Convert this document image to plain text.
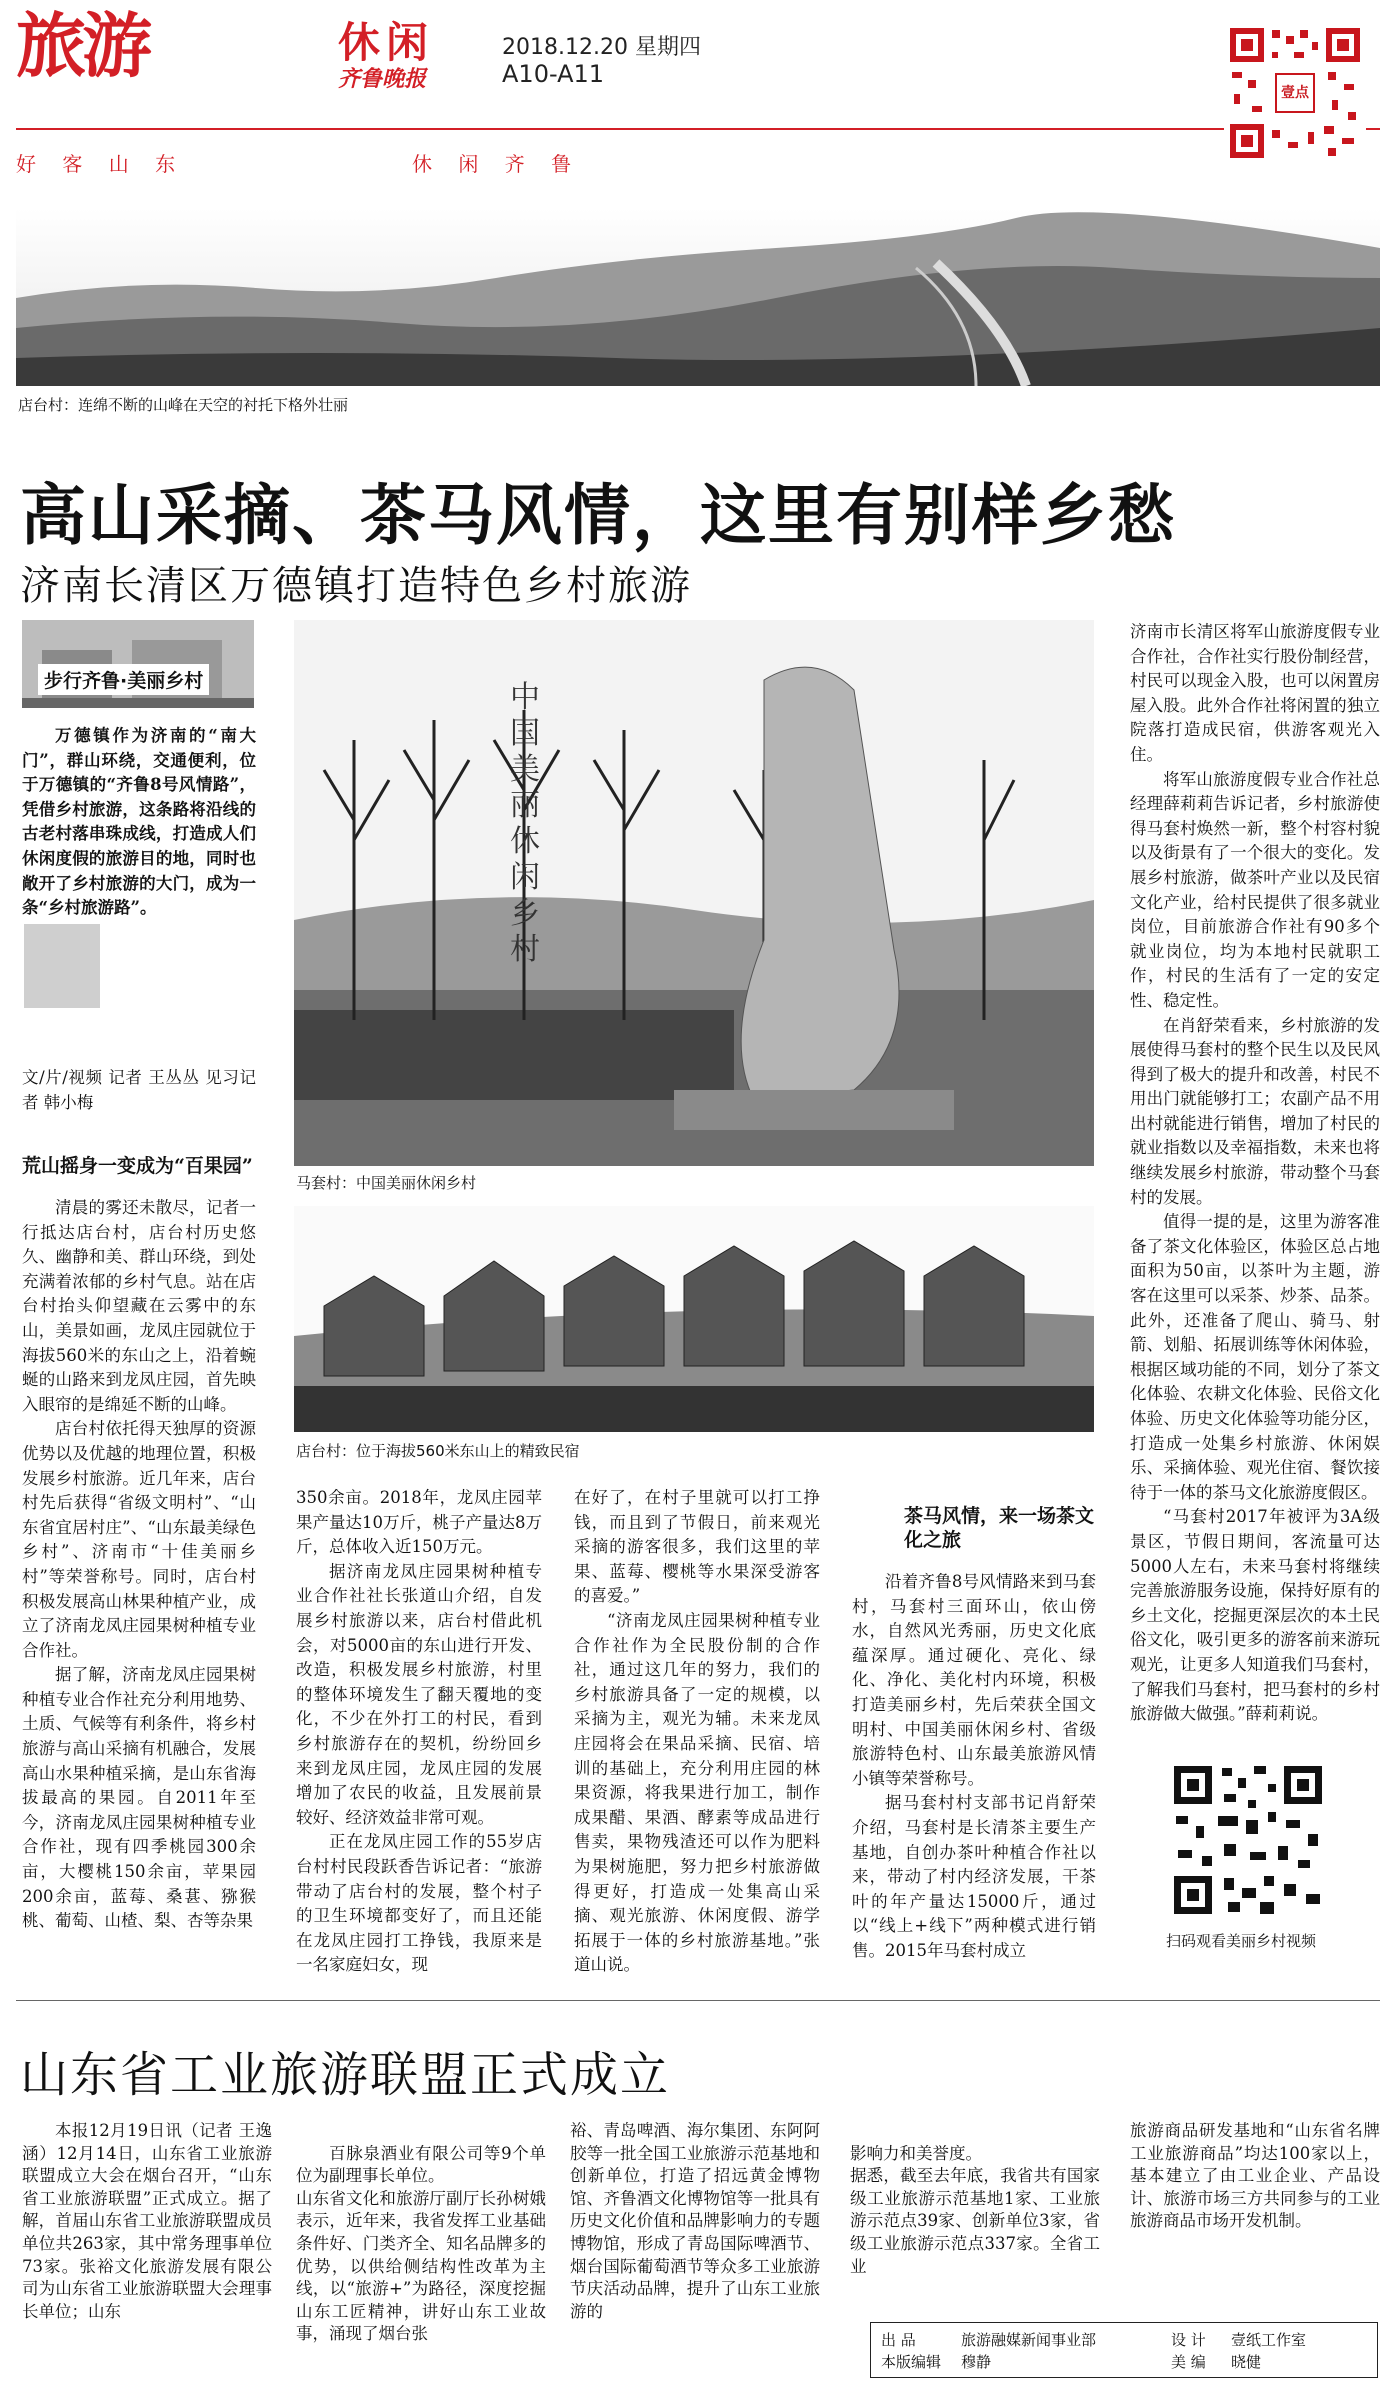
旅游	休闲
齐鲁晚报
2018.12.20 星期四
A10-A11
好 客 山 东	休 闲 齐 鲁
壹点
店台村：连绵不断的山峰在天空的衬托下格外壮丽
高山采摘、茶马风情，这里有别样乡愁
济南长清区万德镇打造特色乡村旅游
步行齐鲁·美丽乡村

万德镇作为济南的“南大门”，群山环绕，交通便利，位于万德镇的“齐鲁8号风情路”，凭借乡村旅游，这条路将沿线的古老村落串珠成线，打造成人们休闲度假的旅游目的地，同时也敞开了乡村旅游的大门，成为一条“乡村旅游路”。

文/片/视频 记者 王丛丛 见习记者 韩小梅
荒山摇身一变成为“百果园”

清晨的雾还未散尽，记者一行抵达店台村，店台村历史悠久、幽静和美、群山环绕，到处充满着浓郁的乡村气息。站在店台村抬头仰望藏在云雾中的东山，美景如画，龙凤庄园就位于海拔560米的东山之上，沿着蜿蜒的山路来到龙凤庄园，首先映入眼帘的是绵延不断的山峰。

店台村依托得天独厚的资源优势以及优越的地理位置，积极发展乡村旅游。近几年来，店台村先后获得“省级文明村”、“山东省宜居村庄”、“山东最美绿色乡村”、济南市“十佳美丽乡村”等荣誉称号。同时，店台村积极发展高山林果种植产业，成立了济南龙凤庄园果树种植专业合作社。

据了解，济南龙凤庄园果树种植专业合作社充分利用地势、土质、气候等有利条件，将乡村旅游与高山采摘有机融合，发展高山水果种植采摘，是山东省海拔最高的果园。自2011年至今，济南龙凤庄园果树种植专业合作社，现有四季桃园300余亩，大樱桃150余亩，苹果园200余亩，蓝莓、桑葚、猕猴桃、葡萄、山楂、梨、杏等杂果

中国美丽休闲乡村
马套村：中国美丽休闲乡村
店台村：位于海拔560米东山上的精致民宿

350余亩。2018年，龙凤庄园苹果产量达10万斤，桃子产量达8万斤，总体收入近150万元。

据济南龙凤庄园果树种植专业合作社社长张道山介绍，自发展乡村旅游以来，店台村借此机会，对5000亩的东山进行开发、改造，积极发展乡村旅游，村里的整体环境发生了翻天覆地的变化，不少在外打工的村民，看到乡村旅游存在的契机，纷纷回乡来到龙凤庄园，龙凤庄园的发展增加了农民的收益，且发展前景较好、经济效益非常可观。

正在龙凤庄园工作的55岁店台村村民段跃香告诉记者：“旅游带动了店台村的发展，整个村子的卫生环境都变好了，而且还能在龙凤庄园打工挣钱，我原来是一名家庭妇女，现

在好了，在村子里就可以打工挣钱，而且到了节假日，前来观光采摘的游客很多，我们这里的苹果、蓝莓、樱桃等水果深受游客的喜爱。”

“济南龙凤庄园果树种植专业合作社作为全民股份制的合作社，通过这几年的努力，我们的乡村旅游具备了一定的规模，以采摘为主，观光为辅。未来龙凤庄园将会在果品采摘、民宿、培训的基础上，充分利用庄园的林果资源，将我果进行加工，制作成果醋、果酒、酵素等成品进行售卖，果物残渣还可以作为肥料为果树施肥，努力把乡村旅游做得更好，打造成一处集高山采摘、观光旅游、休闲度假、游学拓展于一体的乡村旅游基地。”张道山说。

茶马风情，来一场茶文化之旅

沿着齐鲁8号风情路来到马套村，马套村三面环山，依山傍水，自然风光秀丽，历史文化底蕴深厚。通过硬化、亮化、绿化、净化、美化村内环境，积极打造美丽乡村，先后荣获全国文明村、中国美丽休闲乡村、省级旅游特色村、山东最美旅游风情小镇等荣誉称号。

据马套村村支部书记肖舒荣介绍，马套村是长清茶主要生产基地，自创办茶叶种植合作社以来，带动了村内经济发展，干茶叶的年产量达15000斤，通过以“线上+线下”两种模式进行销售。2015年马套村成立

济南市长清区将军山旅游度假专业合作社，合作社实行股份制经营，村民可以现金入股，也可以闲置房屋入股。此外合作社将闲置的独立院落打造成民宿，供游客观光入住。

将军山旅游度假专业合作社总经理薛莉莉告诉记者，乡村旅游使得马套村焕然一新，整个村容村貌以及街景有了一个很大的变化。发展乡村旅游，做茶叶产业以及民宿文化产业，给村民提供了很多就业岗位，目前旅游合作社有90多个就业岗位，均为本地村民就职工作，村民的生活有了一定的安定性、稳定性。

在肖舒荣看来，乡村旅游的发展使得马套村的整个民生以及民风得到了极大的提升和改善，村民不用出门就能够打工；农副产品不用出村就能进行销售，增加了村民的就业指数以及幸福指数，未来也将继续发展乡村旅游，带动整个马套村的发展。

值得一提的是，这里为游客准备了茶文化体验区，体验区总占地面积为50亩，以茶叶为主题，游客在这里可以采茶、炒茶、品茶。此外，还准备了爬山、骑马、射箭、划船、拓展训练等休闲体验，根据区域功能的不同，划分了茶文化体验、农耕文化体验、民俗文化体验、历史文化体验等功能分区，打造成一处集乡村旅游、休闲娱乐、采摘体验、观光住宿、餐饮接待于一体的茶马文化旅游度假区。

“马套村2017年被评为3A级景区，节假日期间，客流量可达5000人左右，未来马套村将继续完善旅游服务设施，保持好原有的乡土文化，挖掘更深层次的本土民俗文化，吸引更多的游客前来游玩观光，让更多人知道我们马套村，了解我们马套村，把马套村的乡村旅游做大做强。”薛莉莉说。

扫码观看美丽乡村视频
山东省工业旅游联盟正式成立

本报12月19日讯（记者 王逸涵）12月14日，山东省工业旅游联盟成立大会在烟台召开，“山东省工业旅游联盟”正式成立。据了解，首届山东省工业旅游联盟成员单位共263家，其中常务理事单位73家。张裕文化旅游发展有限公司为山东省工业旅游联盟大会理事长单位；山东

百脉泉酒业有限公司等9个单位为副理事长单位。
山东省文化和旅游厅副厅长孙树娥表示，近年来，我省发挥工业基础条件好、门类齐全、知名品牌多的优势，以供给侧结构性改革为主线，以“旅游+”为路径，深度挖掘山东工匠精神，讲好山东工业故事，涌现了烟台张

裕、青岛啤酒、海尔集团、东阿阿胶等一批全国工业旅游示范基地和创新单位，打造了招远黄金博物馆、齐鲁酒文化博物馆等一批具有历史文化价值和品牌影响力的专题博物馆，形成了青岛国际啤酒节、烟台国际葡萄酒节等众多工业旅游节庆活动品牌，提升了山东工业旅游的

影响力和美誉度。
据悉，截至去年底，我省共有国家级工业旅游示范基地1家、工业旅游示范点39家、创新单位3家，省级工业旅游示范点337家。全省工业

旅游商品研发基地和“山东省名牌工业旅游商品”均达100家以上，基本建立了由工业企业、产品设计、旅游市场三方共同参与的工业旅游商品市场开发机制。

出 品	旅游融媒新闻事业部	设 计 壹纸工作室
本版编辑 穆静	美 编 晓健
